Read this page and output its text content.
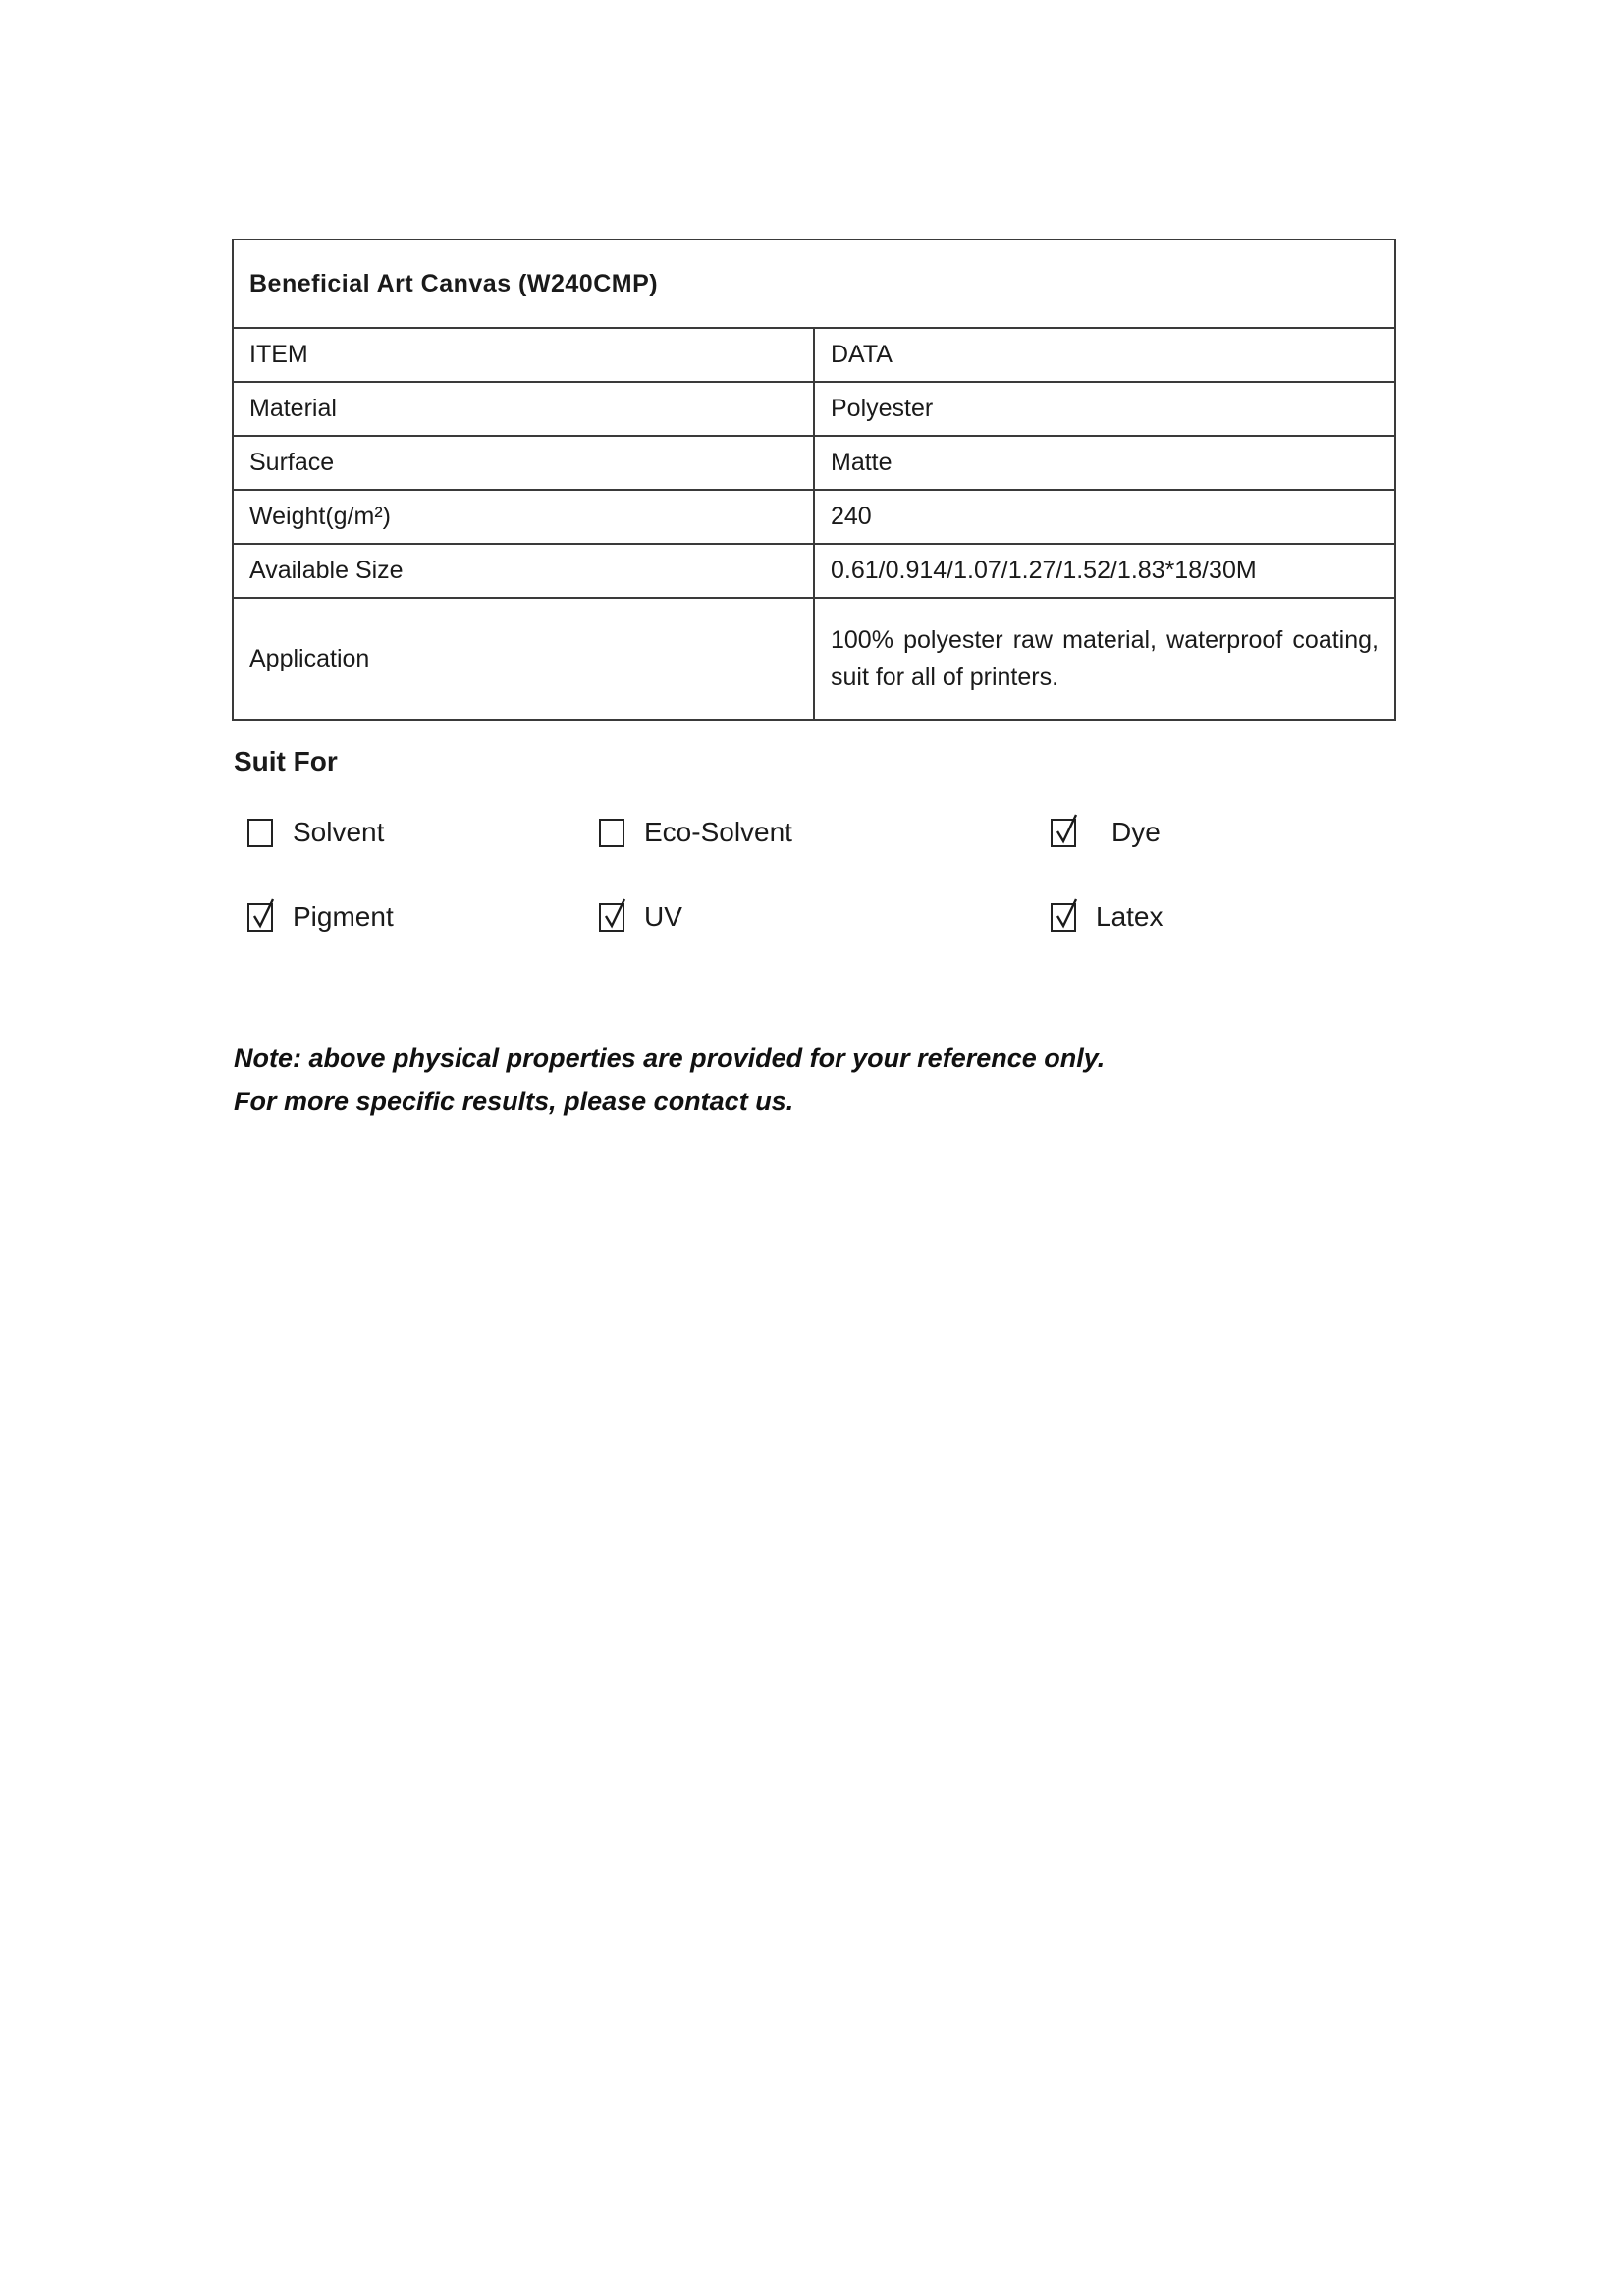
Beneficial Art Canvas (W240CMP)	
ITEM	DATA
Material	Polyester
Surface	Matte
Weight(g/m²)	240
Available Size	0.61/0.914/1.07/1.27/1.52/1.83*18/30M
Application	100% polyester raw material, waterproof coating, suit for all of printers.
Suit For
Solvent	Eco-Solvent	Dye
Pigment	UV	Latex
Note: above physical properties are provided for your reference only.
For more specific results, please contact us.
